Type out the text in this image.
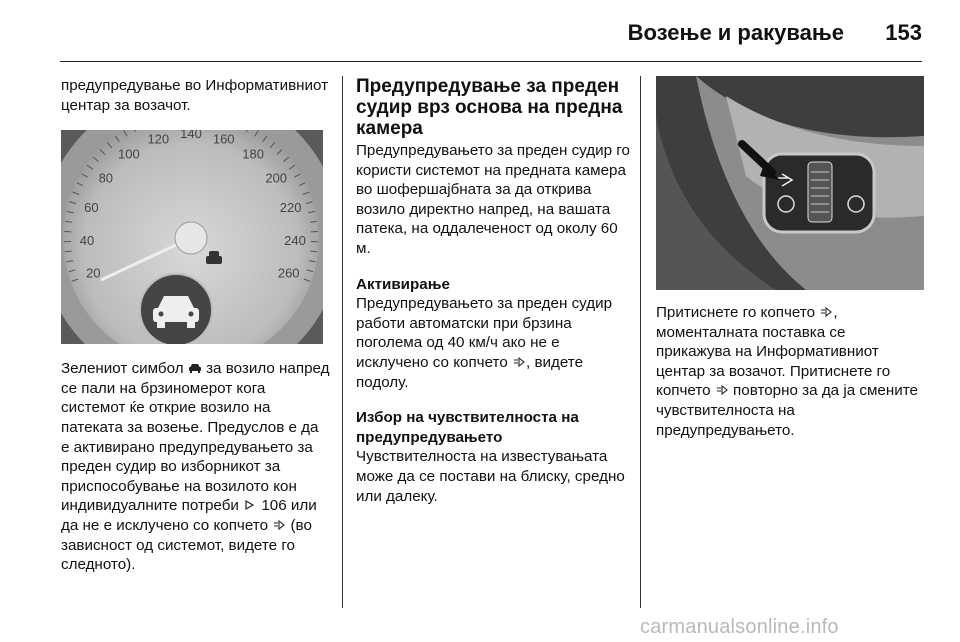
Возење и ракување 153
предупредување во Информативниот центар за возачот.
20
40
60
80
100
120 140 160
180
200
220
240
260
Зелениот симбол за возило напред се пали на брзиномерот кога системот ќе открие возило на патеката за возење. Предуслов е да е активирано предупредувањето за преден судир во изборникот за приспособување на возилото кон индивидуалните потреби 106 или да не е исклучено со копчето (во зависност од системот, видете го следното).
Предупредување за преден судир врз основа на предна камера
Предупредувањето за преден судир го користи системот на предната камера во шофершајбната за да открива возило директно напред, на вашата патека, на оддалеченост од околу 60 м.
Активирање
Предупредувањето за преден судир работи автоматски при брзина поголема од 40 км/ч ако не е исклучено со копчето , видете подолу.
Избор на чувствителноста на предупредувањето
Чувствителноста на известувањата може да се постави на блиску, средно или далеку.
Притиснете го копчето , моменталната поставка се прикажува на Информативниот центар за возачот. Притиснете го копчето повторно за да ја смените чувствителноста на предупредувањето.
carmanualsonline.info
